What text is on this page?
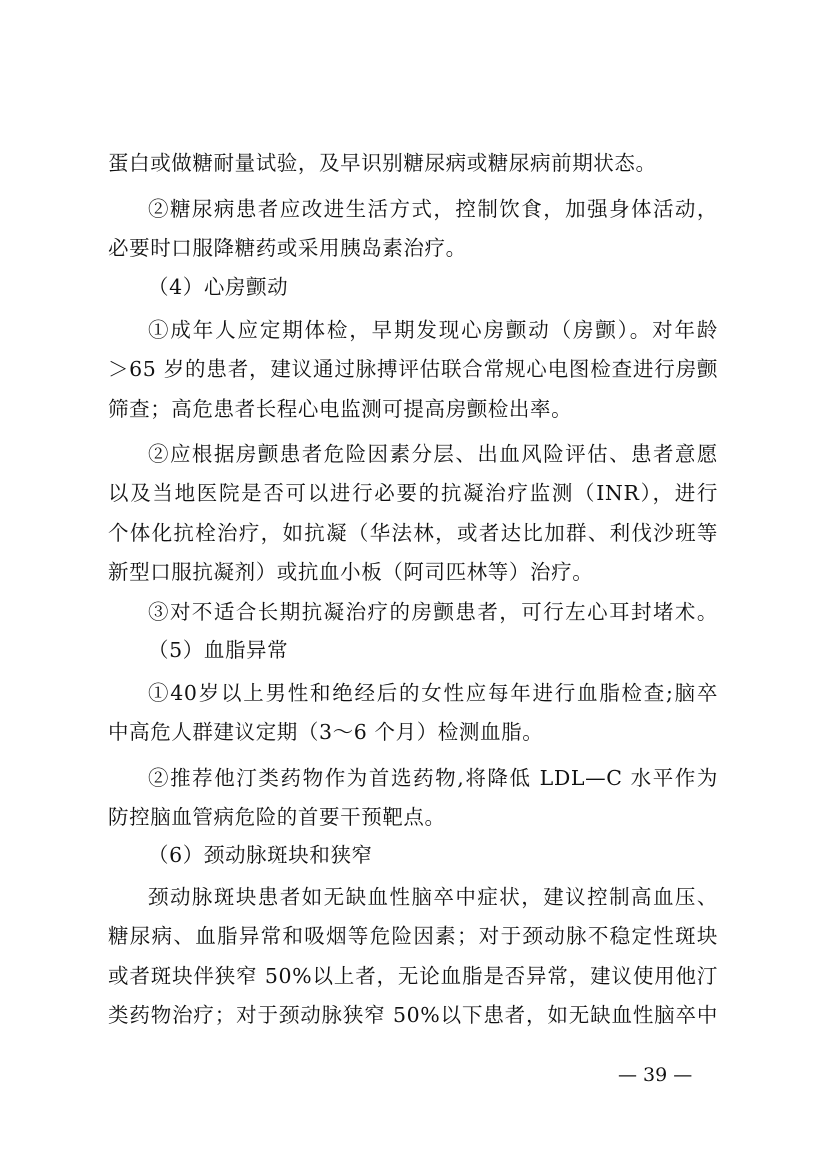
蛋白或做糖耐量试验，及早识别糖尿病或糖尿病前期状态。
②糖尿病患者应改进生活方式，控制饮食，加强身体活动，
必要时口服降糖药或采用胰岛素治疗。
（4）心房颤动
①成年人应定期体检，早期发现心房颤动（房颤）。对年龄
＞65 岁的患者，建议通过脉搏评估联合常规心电图检查进行房颤
筛查；高危患者长程心电监测可提高房颤检出率。
②应根据房颤患者危险因素分层、出血风险评估、患者意愿
以及当地医院是否可以进行必要的抗凝治疗监测（INR），进行
个体化抗栓治疗，如抗凝（华法林，或者达比加群、利伐沙班等
新型口服抗凝剂）或抗血小板（阿司匹林等）治疗。
③对不适合长期抗凝治疗的房颤患者，可行左心耳封堵术。
（5）血脂异常
①40岁以上男性和绝经后的女性应每年进行血脂检查;脑卒
中高危人群建议定期（3～6 个月）检测血脂。
②推荐他汀类药物作为首选药物,将降低 LDL—C 水平作为
防控脑血管病危险的首要干预靶点。
（6）颈动脉斑块和狭窄
颈动脉斑块患者如无缺血性脑卒中症状，建议控制高血压、
糖尿病、血脂异常和吸烟等危险因素；对于颈动脉不稳定性斑块
或者斑块伴狭窄 50%以上者，无论血脂是否异常，建议使用他汀
类药物治疗；对于颈动脉狭窄 50%以下患者，如无缺血性脑卒中
— 39 —
